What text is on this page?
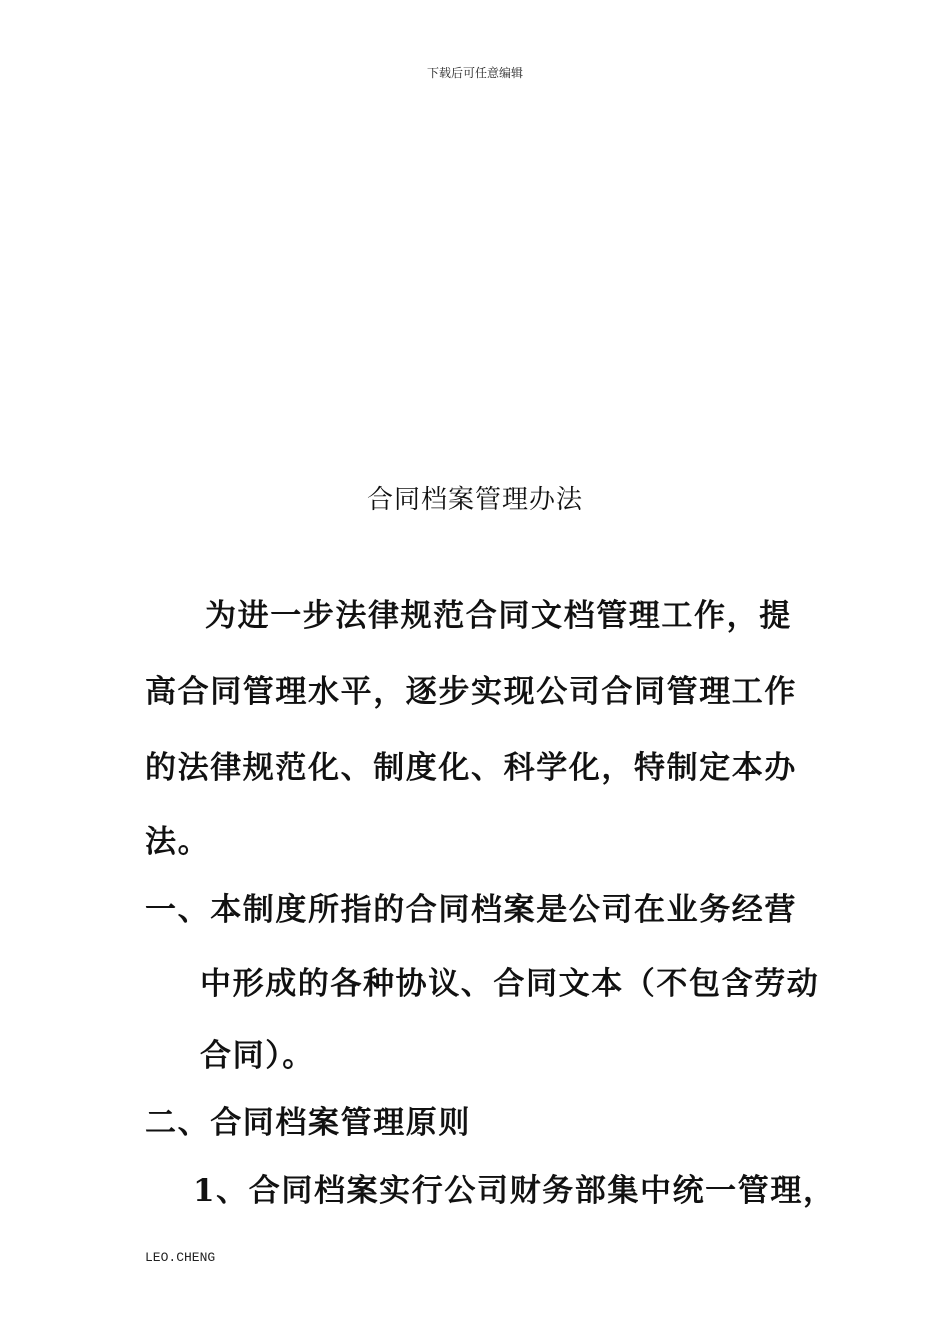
下载后可任意编辑
合同档案管理办法
为进一步法律规范合同文档管理工作，提
高合同管理水平，逐步实现公司合同管理工作
的法律规范化、制度化、科学化，特制定本办
法。
一、本制度所指的合同档案是公司在业务经营
中形成的各种协议、合同文本（不包含劳动
合同）。
二、合同档案管理原则
1、合同档案实行公司财务部集中统一管理，
LEO.CHENG
